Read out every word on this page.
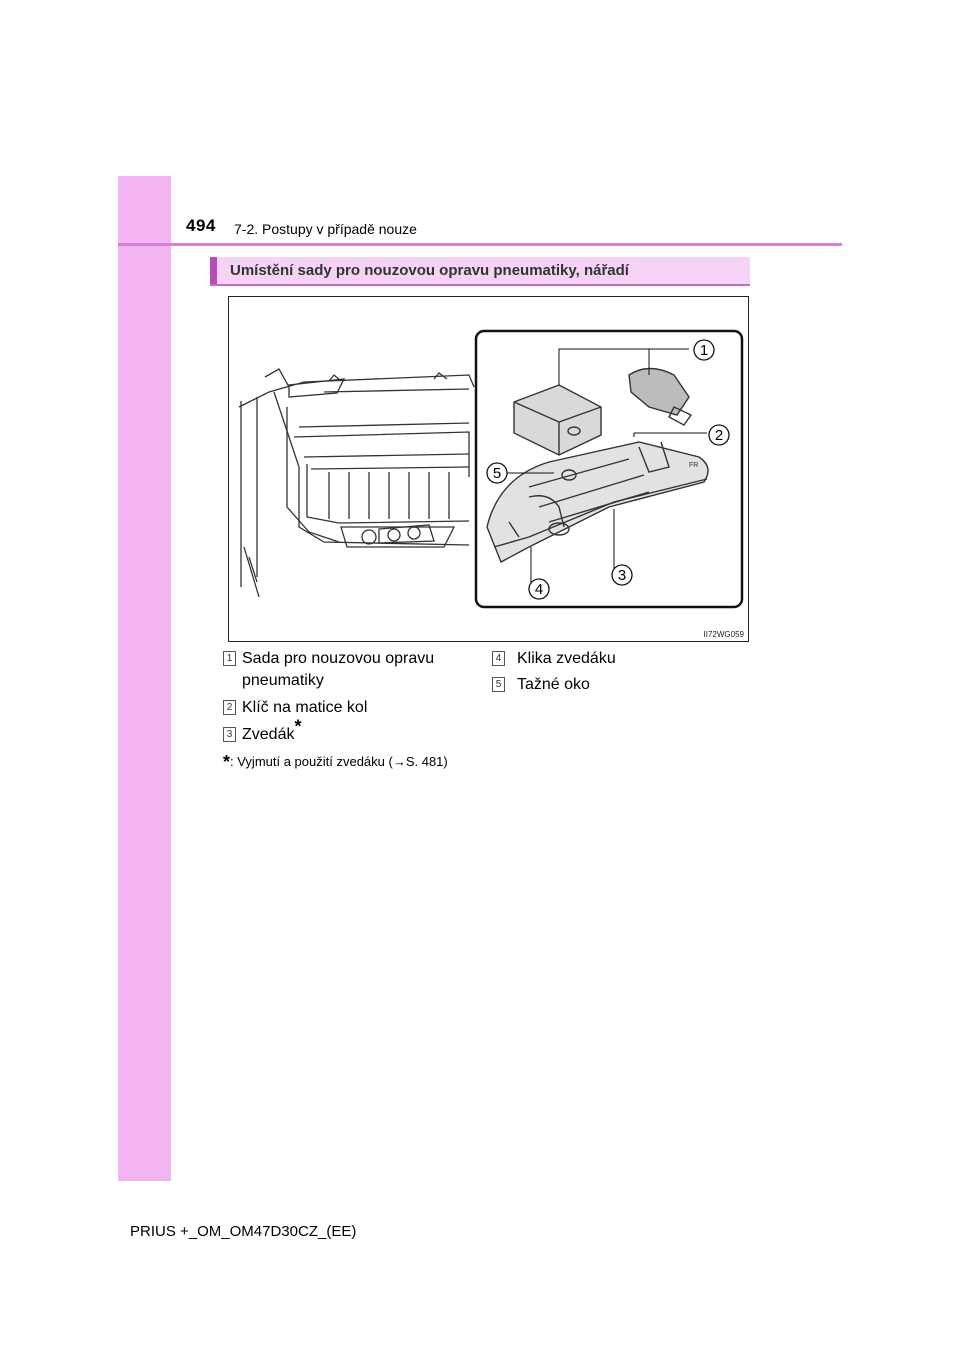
494 7-2. Postupy v případě nouze
Umístění sady pro nouzovou opravu pneumatiky, nářadí
FR
1
2
3
4
5
II72WG059
1 Sada pro nouzovou opravu
pneumatiky
2 Klíč na matice kol
3 Zvedák*
4 Klika zvedáku
5 Tažné oko
*: Vyjmutí a použití zvedáku (→S. 481)
PRIUS +_OM_OM47D30CZ_(EE)
